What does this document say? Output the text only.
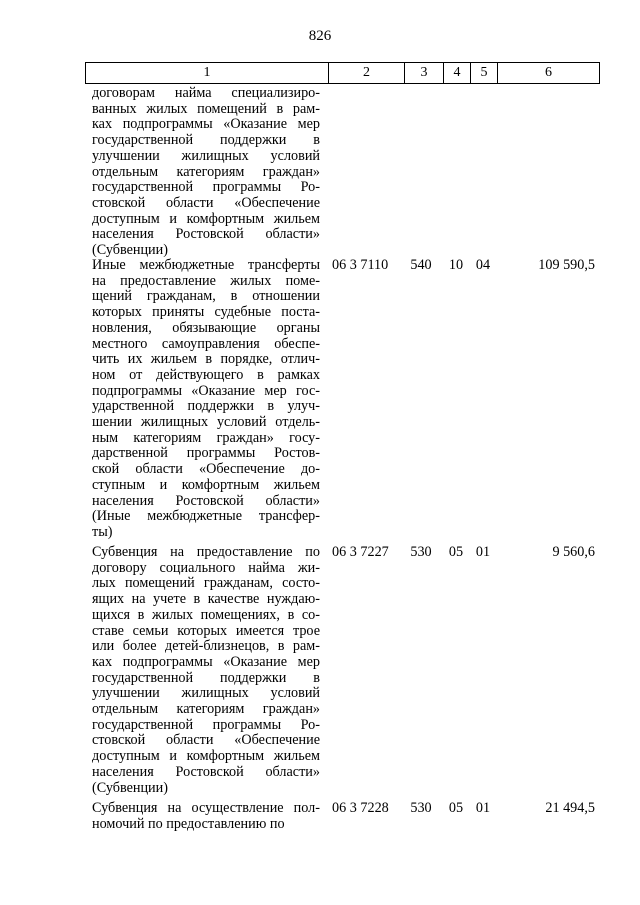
826
1	2	3	4	5	6
договорам найма специализиро-
ванных жилых помещений в рам-
ках подпрограммы «Оказание мер
государственной поддержки в
улучшении жилищных условий
отдельным категориям граждан»
государственной программы Ро-
стовской области «Обеспечение
доступным и комфортным жильем
населения Ростовской области»
(Субвенции)
Иные межбюджетные трансферты
на предоставление жилых поме-
щений гражданам, в отношении
которых приняты судебные поста-
новления, обязывающие органы
местного самоуправления обеспе-
чить их жильем в порядке, отлич-
ном от действующего в рамках
подпрограммы «Оказание мер гос-
ударственной поддержки в улуч-
шении жилищных условий отдель-
ным категориям граждан» госу-
дарственной программы Ростов-
ской области «Обеспечение до-
ступным и комфортным жильем
населения Ростовской области»
(Иные межбюджетные трансфер-
ты)
06 3 7110	540	10 04	109 590,5
Субвенция на предоставление по
договору социального найма жи-
лых помещений гражданам, состо-
ящих на учете в качестве нуждаю-
щихся в жилых помещениях, в со-
ставе семьи которых имеется трое
или более детей-близнецов, в рам-
ках подпрограммы «Оказание мер
государственной поддержки в
улучшении жилищных условий
отдельным категориям граждан»
государственной программы Ро-
стовской области «Обеспечение
доступным и комфортным жильем
населения Ростовской области»
(Субвенции)
06 3 7227	530	05 01	9 560,6
Субвенция на осуществление пол-
номочий по предоставлению по
06 3 7228	530	05 01	21 494,5
